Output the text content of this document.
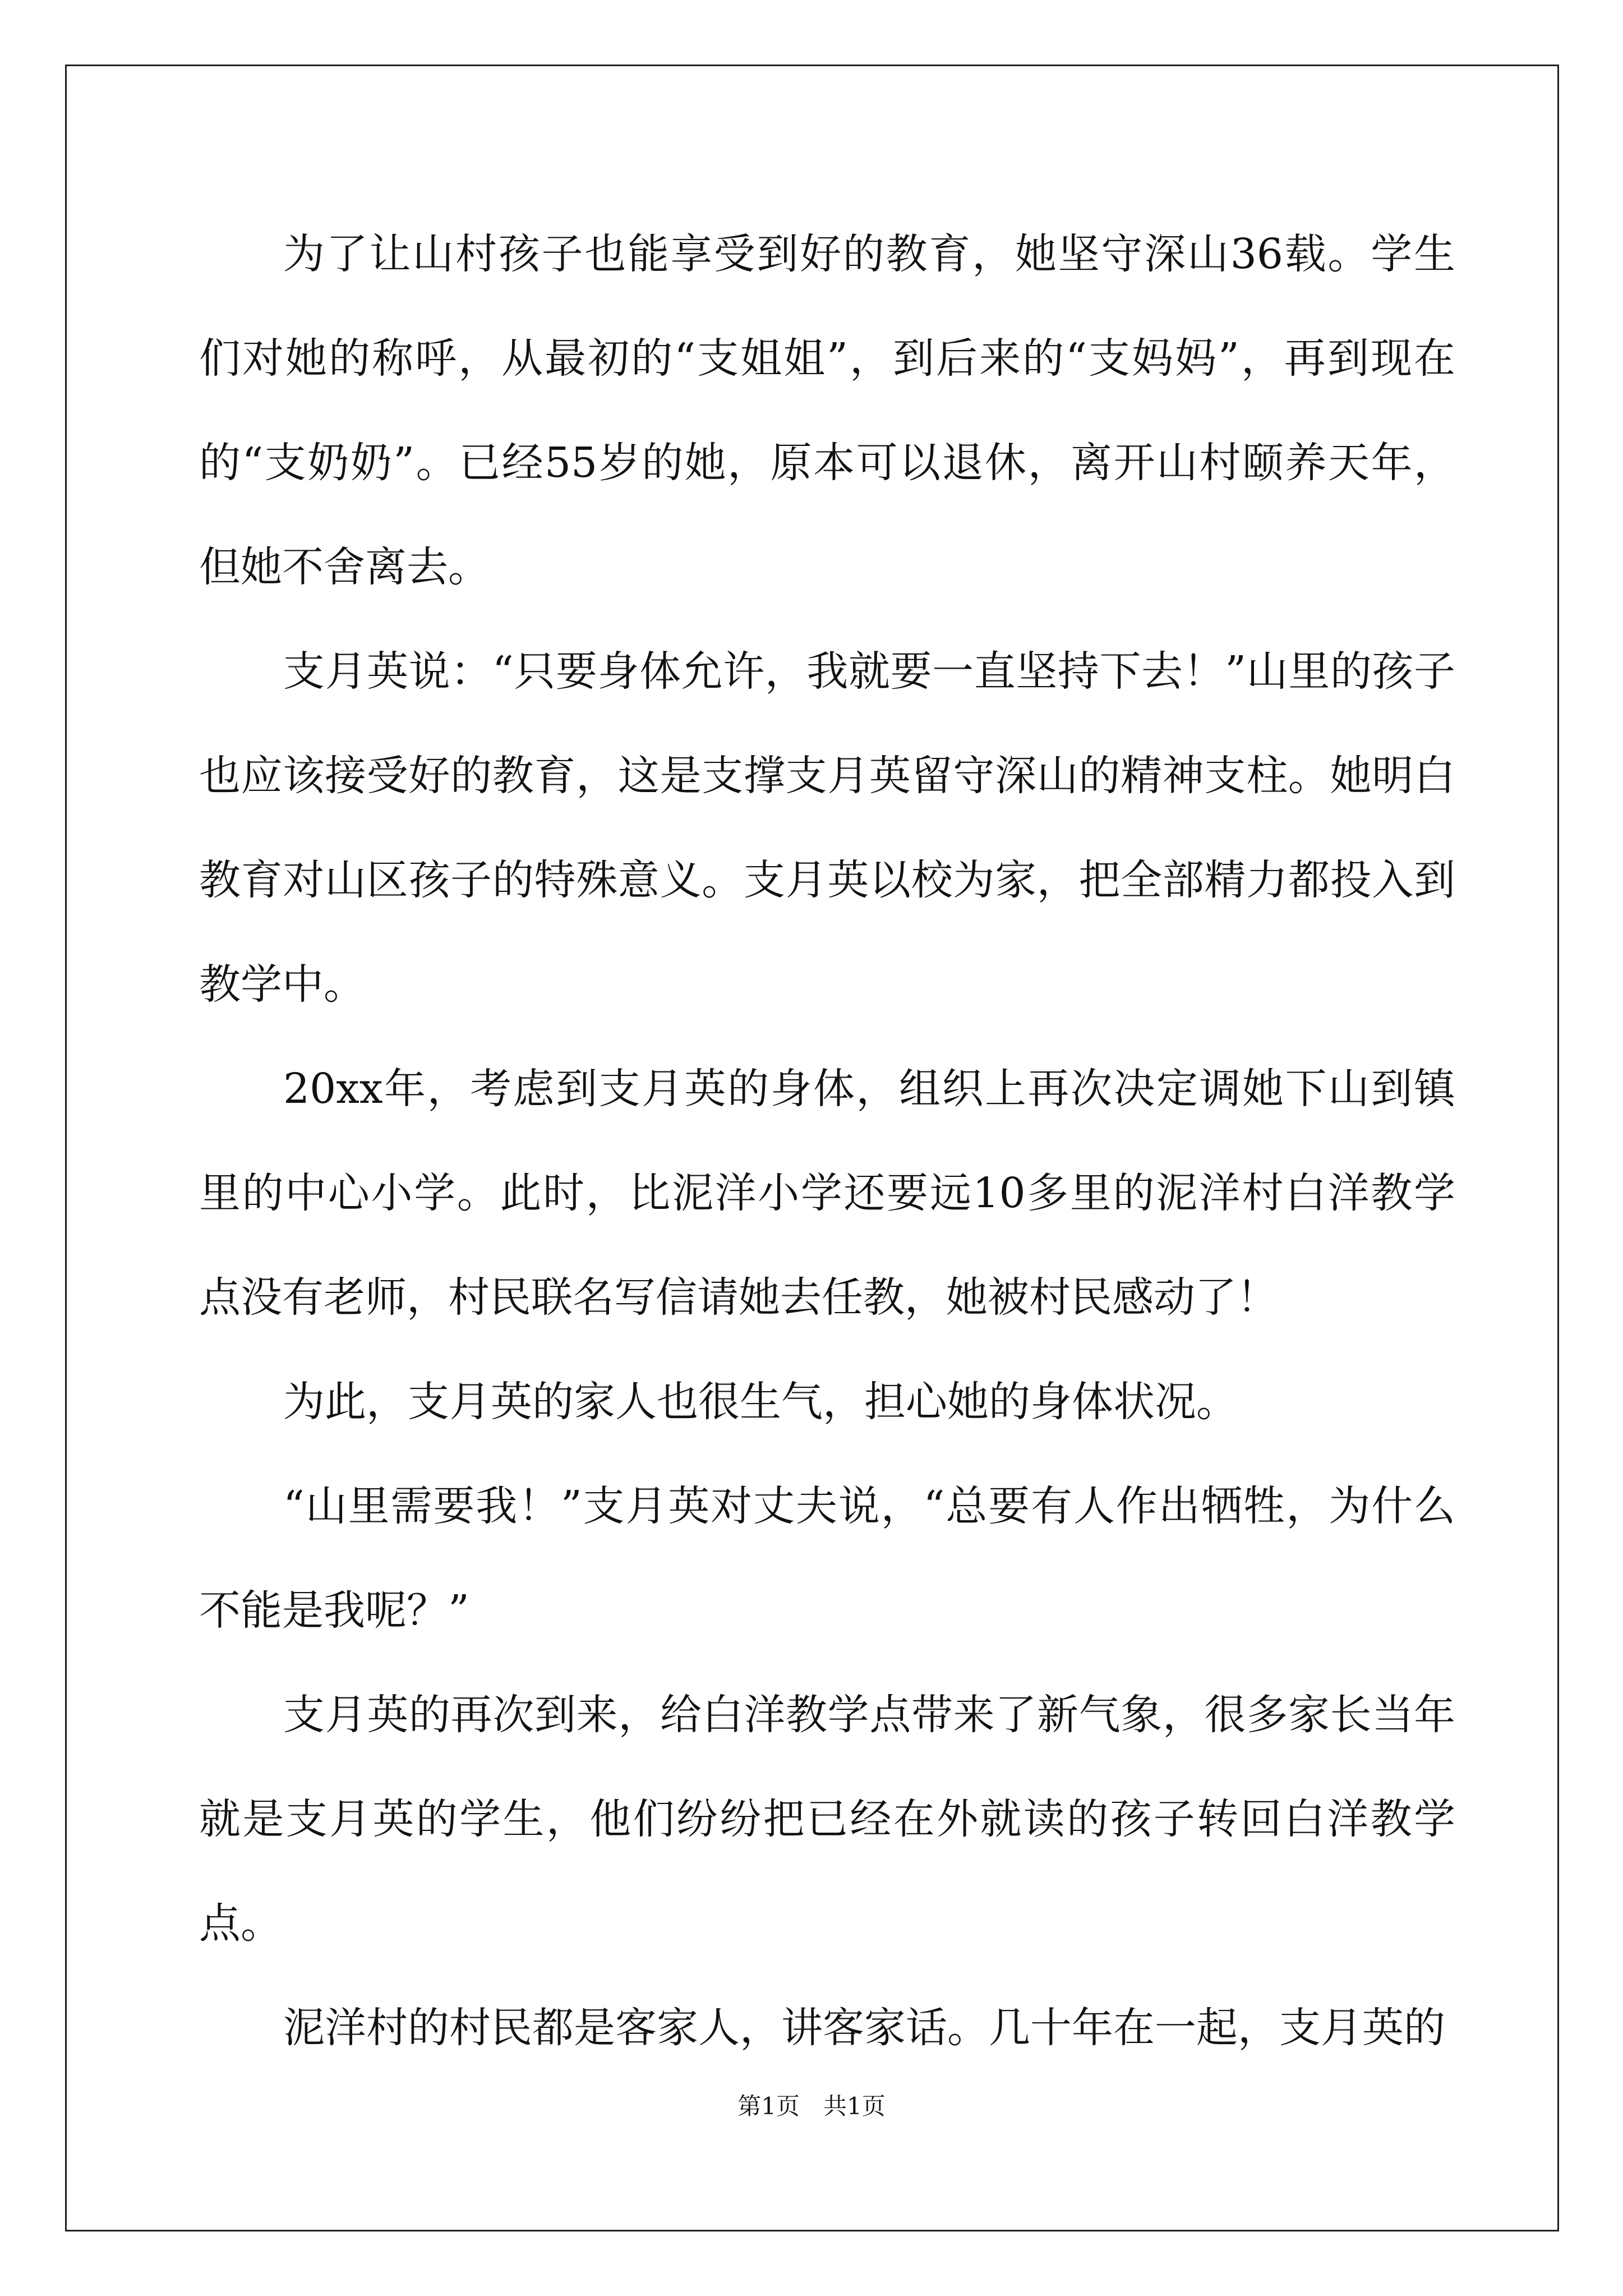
为了让山村孩子也能享受到好的教育，她坚守深山36载。学生们对她的称呼，从最初的“支姐姐”，到后来的“支妈妈”，再到现在的“支奶奶”。已经55岁的她，原本可以退休，离开山村颐养天年，但她不舍离去。

支月英说：“只要身体允许，我就要一直坚持下去！”山里的孩子也应该接受好的教育，这是支撑支月英留守深山的精神支柱。她明白教育对山区孩子的特殊意义。支月英以校为家，把全部精力都投入到教学中。

20xx年，考虑到支月英的身体，组织上再次决定调她下山到镇里的中心小学。此时，比泥洋小学还要远10多里的泥洋村白洋教学点没有老师，村民联名写信请她去任教，她被村民感动了！

为此，支月英的家人也很生气，担心她的身体状况。

“山里需要我！”支月英对丈夫说，“总要有人作出牺牲，为什么不能是我呢？”

支月英的再次到来，给白洋教学点带来了新气象，很多家长当年就是支月英的学生，他们纷纷把已经在外就读的孩子转回白洋教学点。

泥洋村的村民都是客家人，讲客家话。几十年在一起，支月英的

第1页　共1页
